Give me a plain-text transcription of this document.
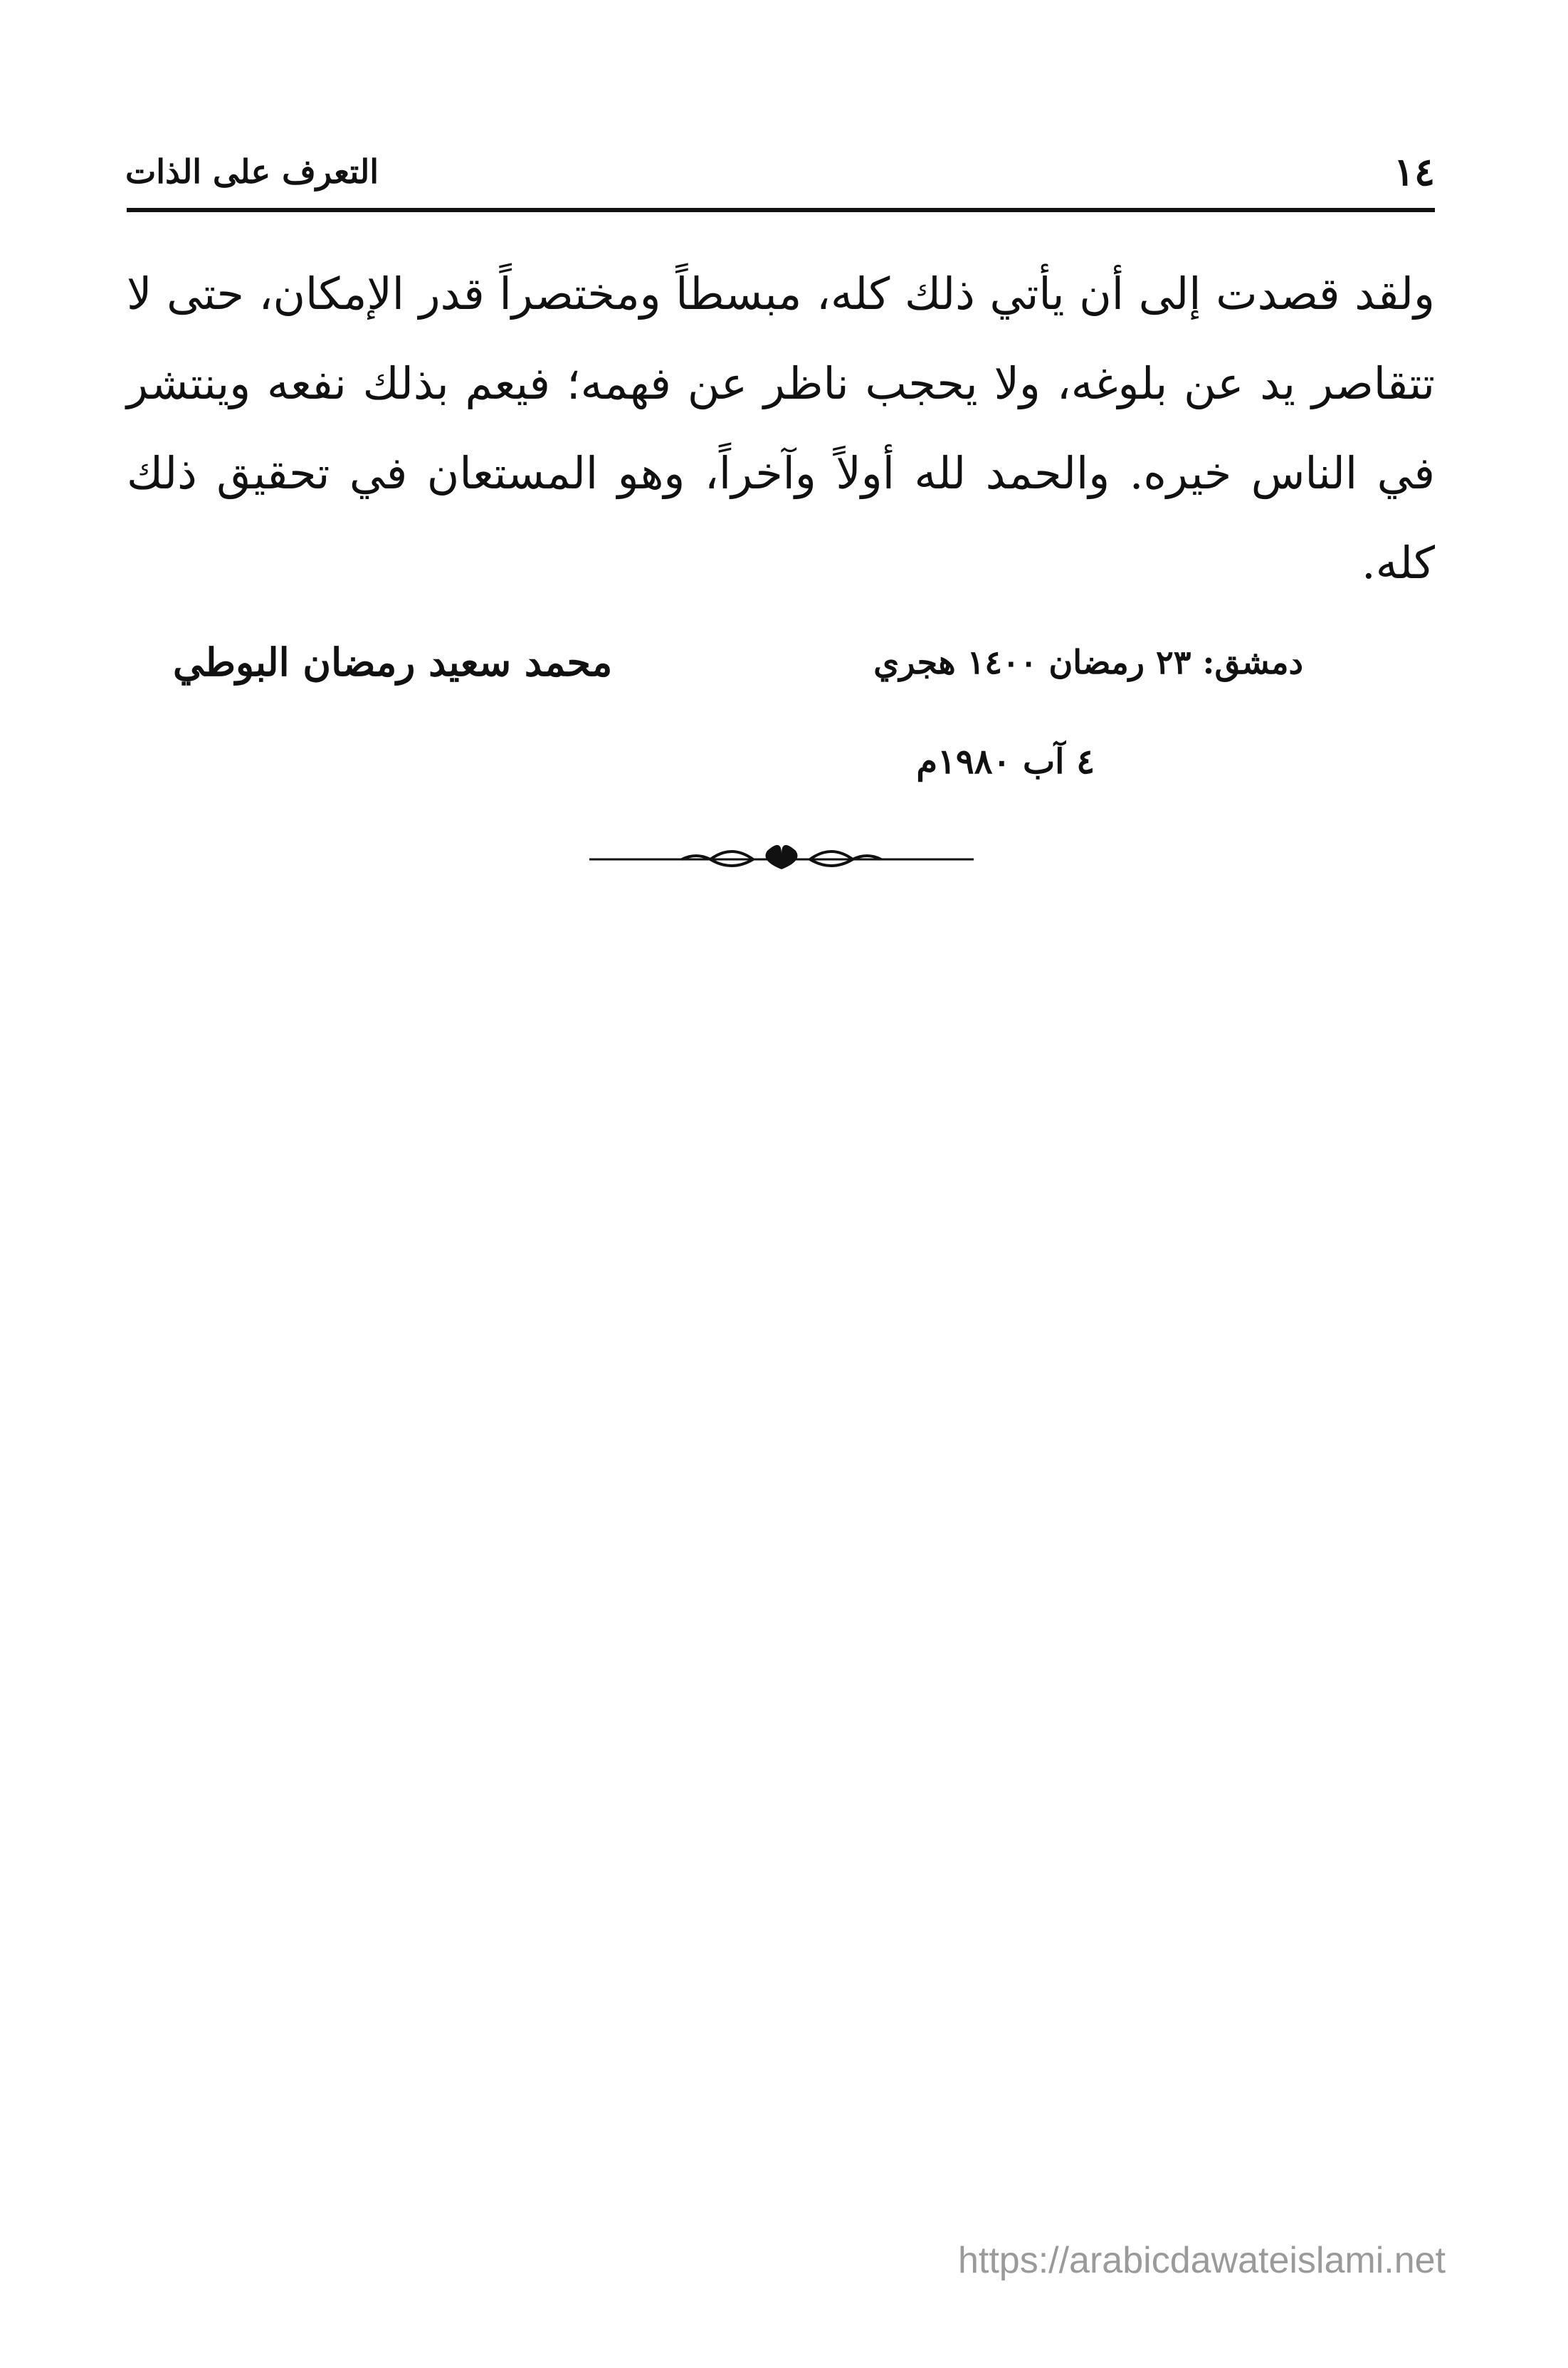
١٤
التعرف على الذات

ولقد قصدت إلى أن يأتي ذلك كله، مبسطاً ومختصراً قدر الإمكان، حتى لا تتقاصر يد عن بلوغه، ولا يحجب ناظر عن فهمه؛ فيعم بذلك نفعه وينتشر في الناس خيره. والحمد لله أولاً وآخراً، وهو المستعان في تحقيق ذلك كله.

دمشق: ٢٣ رمضان ١٤٠٠ هجري
محمد سعيد رمضان البوطي
٤ آب ١٩٨٠م
https://arabicdawateislami.net
